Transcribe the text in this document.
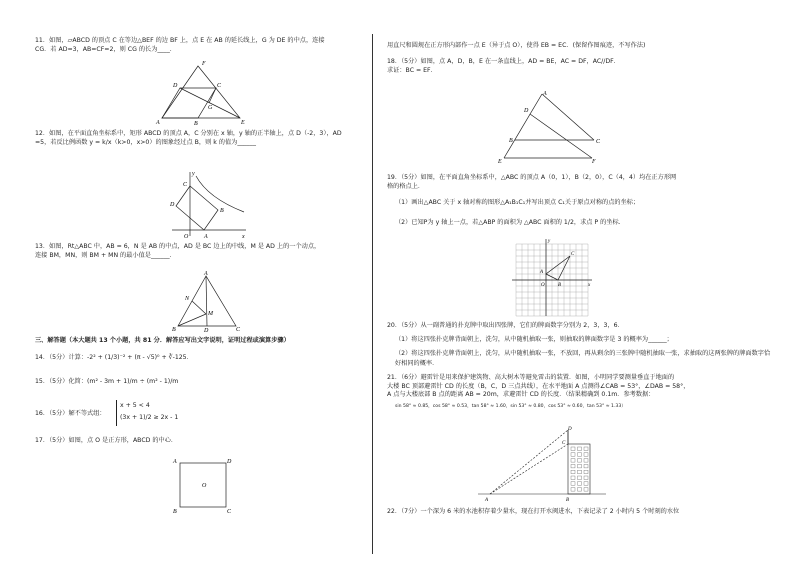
11．如图，▱ABCD 的顶点 C 在等边△BEF 的边 BF 上，点 E 在 AB 的延长线上，G 为 DE 的中点，连接
CG．若 AD=3，AB=CF=2，则 CG 的长为____．
F
D	C
G
A	B	E
12．如图，在平面直角坐标系中，矩形 ABCD 的顶点 A，C 分别在 x 轴，y 轴的正半轴上，点 D（-2，3），AD
=5，若反比例函数 y = k/x（k>0，x>0）的图象经过点 B，则 k 的值为______
y
C
D
B
O	A	x
13．如图，Rt△ABC 中，AB = 6，N 是 AB 的中点，AD 是 BC 边上的中线，M 是 AD 上的一个动点，
连接 BM，MN，则 BM + MN 的最小值是______．
A
N
M
B	D	C
三、解答题（本大题共 13 个小题，共 81 分．解答应写出文字说明，证明过程或演算步骤）
14．（5分）计算：-2² + (1/3)⁻² + (π - √5)⁰ + ∛-125．
15．（5分）化简：(m² - 3m + 1)/m ÷ (m² - 1)/m
16．（5分）解不等式组：
x + 5 < 4
(3x + 1)/2 ≥ 2x - 1
17．（5分）如图，点 O 是正方形，ABCD 的中心．
A	D
O
B	C
用直尺和圆规在正方形内部作一点 E（异于点 O），使得 EB = EC．(保留作图痕迹，不写作法)
18．（5分）如图，点 A，D，B，E 在一条直线上，AD = BE，AC = DF，AC//DF．
求证：BC = EF．
A
D
B	C
E	F
19．（5分）如图，在平面直角坐标系中，△ABC 的顶点 A（0，1），B（2，0），C（4，4）均在正方形网
格的格点上．
（1）画出△ABC 关于 x 轴对称的图形△A₁B₁C₁并写出顶点 C₁关于原点对称的点的坐标；
（2）已知P为 y 轴上一点，若△ABP 的面积为 △ABC 面积的 1/2，求点 P 的坐标．
y
C
A
O	B	x
20．（5分）从一副普通的扑克牌中取出四张牌，它们的牌面数字分别为 2，3，3，6．
（1）将这四张扑克牌背面朝上，洗匀，从中随机抽取一张，则抽取的牌面数字是 3 的概率为______；
（2）将这四张扑克牌背面朝上，洗匀，从中随机抽取一张，不放回，再从剩余的三张牌中随机抽取一张，求抽取的这两张牌的牌面数字恰
好相同的概率．
21．（6分）避雷针是用来保护建筑物、高大树木等避免雷击的装置．如图，小明同学要测量垂直于地面的
大楼 BC 顶部避雷针 CD 的长度（B，C，D 三点共线），在水平地面 A 点测得∠CAB = 53°，∠DAB = 58°，
A 点与大楼底部 B 点的距离 AB = 20m，求避雷针 CD 的长度．（结果精确到 0.1m．参考数据：
sin 58° ≈ 0.85，cos 58° ≈ 0.53，tan 58° ≈ 1.60，sin 53° ≈ 0.80，cos 53° ≈ 0.60，tan 53° ≈ 1.33）
D
C
A	B
22．（7分）一个深为 6 米的水池积存着少量水，现在打开水阀进水，下表记录了 2 小时内 5 个时刻的水位
